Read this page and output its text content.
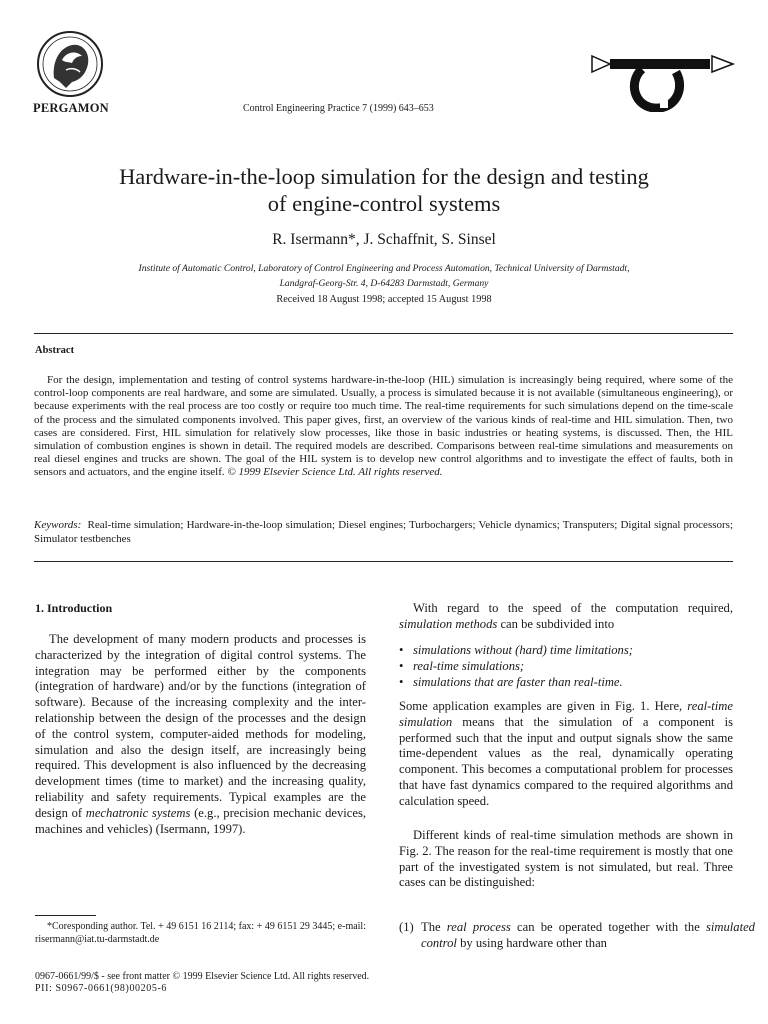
PERGAMON	Control Engineering Practice 7 (1999) 643–653
Hardware-in-the-loop simulation for the design and testing
of engine-control systems
R. Isermann*, J. Schaffnit, S. Sinsel
Institute of Automatic Control, Laboratory of Control Engineering and Process Automation, Technical University of Darmstadt,
Landgraf-Georg-Str. 4, D-64283 Darmstadt, Germany
Received 18 August 1998; accepted 15 August 1998
Abstract
For the design, implementation and testing of control systems hardware-in-the-loop (HIL) simulation is increasingly being required, where some of the control-loop components are real hardware, and some are simulated. Usually, a process is simulated because it is not available (simultaneous engineering), or because experiments with the real process are too costly or require too much time. The real-time requirements for such simulations depend on the time-scale of the process and the simulated components involved. This paper gives, first, an overview of the various kinds of real-time and HIL simulation. Then, two cases are considered. First, HIL simulation for relatively slow processes, like those in basic industries or heating systems, is discussed. Then, the HIL simulation of combustion engines is shown in detail. The required models are described. Comparisons between real-time simulations and measurements on real diesel engines and trucks are shown. The goal of the HIL system is to develop new control algorithms and to investigate the effect of faults, both in sensors and actuators, and the engine itself. © 1999 Elsevier Science Ltd. All rights reserved.
Keywords: Real-time simulation; Hardware-in-the-loop simulation; Diesel engines; Turbochargers; Vehicle dynamics; Transputers; Digital signal processors; Simulator testbenches
1. Introduction
The development of many modern products and processes is characterized by the integration of digital control systems. The integration may be performed either by the components (integration of hardware) and/or by the functions (integration of software). Because of the increasing complexity and the inter- relationship between the design of the processes and the design of the control system, computer-aided methods for modeling, simulation and also the design itself, are increasingly being required. This development is also influenced by the decreasing development times (time to market) and the increasing quality, reliability and safety requirements. Typical examples are the design of mechatronic systems (e.g., precision mechanic devices, machines and vehicles) (Isermann, 1997).
*Coresponding author. Tel. + 49 6151 16 2114; fax: + 49 6151 29 3445; e-mail: risermann@iat.tu-darmstadt.de
With regard to the speed of the computation required, simulation methods can be subdivided into
• simulations without (hard) time limitations;
• real-time simulations;
• simulations that are faster than real-time.
Some application examples are given in Fig. 1. Here, real-time simulation means that the simulation of a component is performed such that the input and output signals show the same time-dependent values as the real, dynamically operating component. This becomes a computational problem for processes that have fast dynamics compared to the required algorithms and calculation speed.
Different kinds of real-time simulation methods are shown in Fig. 2. The reason for the real-time requirement is mostly that one part of the investigated system is not simulated, but real. Three cases can be distinguished:
(1) The real process can be operated together with the simulated control by using hardware other than
0967-0661/99/$ - see front matter © 1999 Elsevier Science Ltd. All rights reserved.
PII: S0967-0661(98)00205-6
